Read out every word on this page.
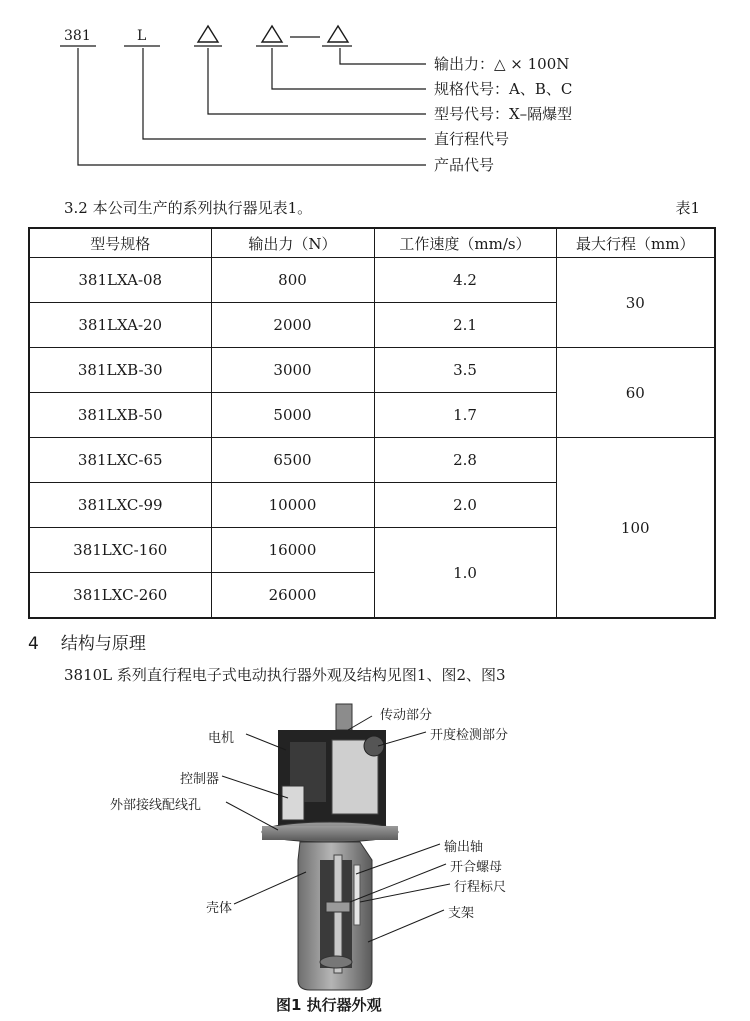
381	L
输出力：△ × 100N
规格代号：A、B、C
型号代号：X–隔爆型
直行程代号
产品代号
3.2 本公司生产的系列执行器见表1。	表1
型号规格	输出力（N）	工作速度（mm/s）	最大行程（mm）
381LXA-08	800	4.2	30
381LXA-20	2000	2.1	
381LXB-30	3000	3.5	60
381LXB-50	5000	1.7	
381LXC-65	6500	2.8	100
381LXC-99	10000	2.0	
381LXC-160	16000	1.0	
381LXC-260	26000		
4 结构与原理
3810L 系列直行程电子式电动执行器外观及结构见图1、图2、图3
传动部分
开度检测部分
电机
控制器
外部接线配线孔
输出轴
开合螺母
行程标尺
壳体	支架
图1 执行器外观
